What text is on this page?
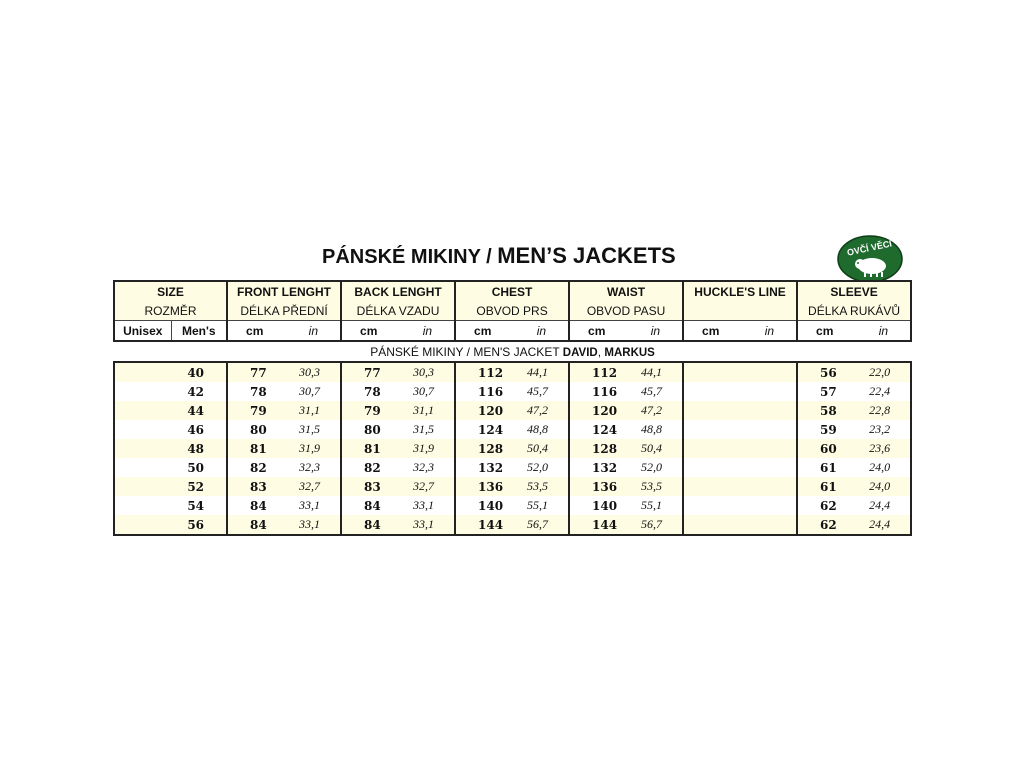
PÁNSKÉ MIKINY / MEN’S JACKETS	OVČÍ VĚCI
SIZE		FRONT LENGHT		BACK LENGHT		CHEST		WAIST		HUCKLE'S LINE		SLEEVE	
ROZMĚR		DÉLKA PŘEDNÍ		DÉLKA VZADU		OBVOD PRS		OBVOD PASU				DÉLKA RUKÁVŮ	
Unisex	Men's	cm	in	cm	in	cm	in	cm	in	cm	in	cm	in
PÁNSKÉ MIKINY / MEN'S JACKET DAVID, MARKUS													
	40	77	30,3	77	30,3	112	44,1	112	44,1			56	22,0
	42	78	30,7	78	30,7	116	45,7	116	45,7			57	22,4
	44	79	31,1	79	31,1	120	47,2	120	47,2			58	22,8
	46	80	31,5	80	31,5	124	48,8	124	48,8			59	23,2
	48	81	31,9	81	31,9	128	50,4	128	50,4			60	23,6
	50	82	32,3	82	32,3	132	52,0	132	52,0			61	24,0
	52	83	32,7	83	32,7	136	53,5	136	53,5			61	24,0
	54	84	33,1	84	33,1	140	55,1	140	55,1			62	24,4
	56	84	33,1	84	33,1	144	56,7	144	56,7			62	24,4
